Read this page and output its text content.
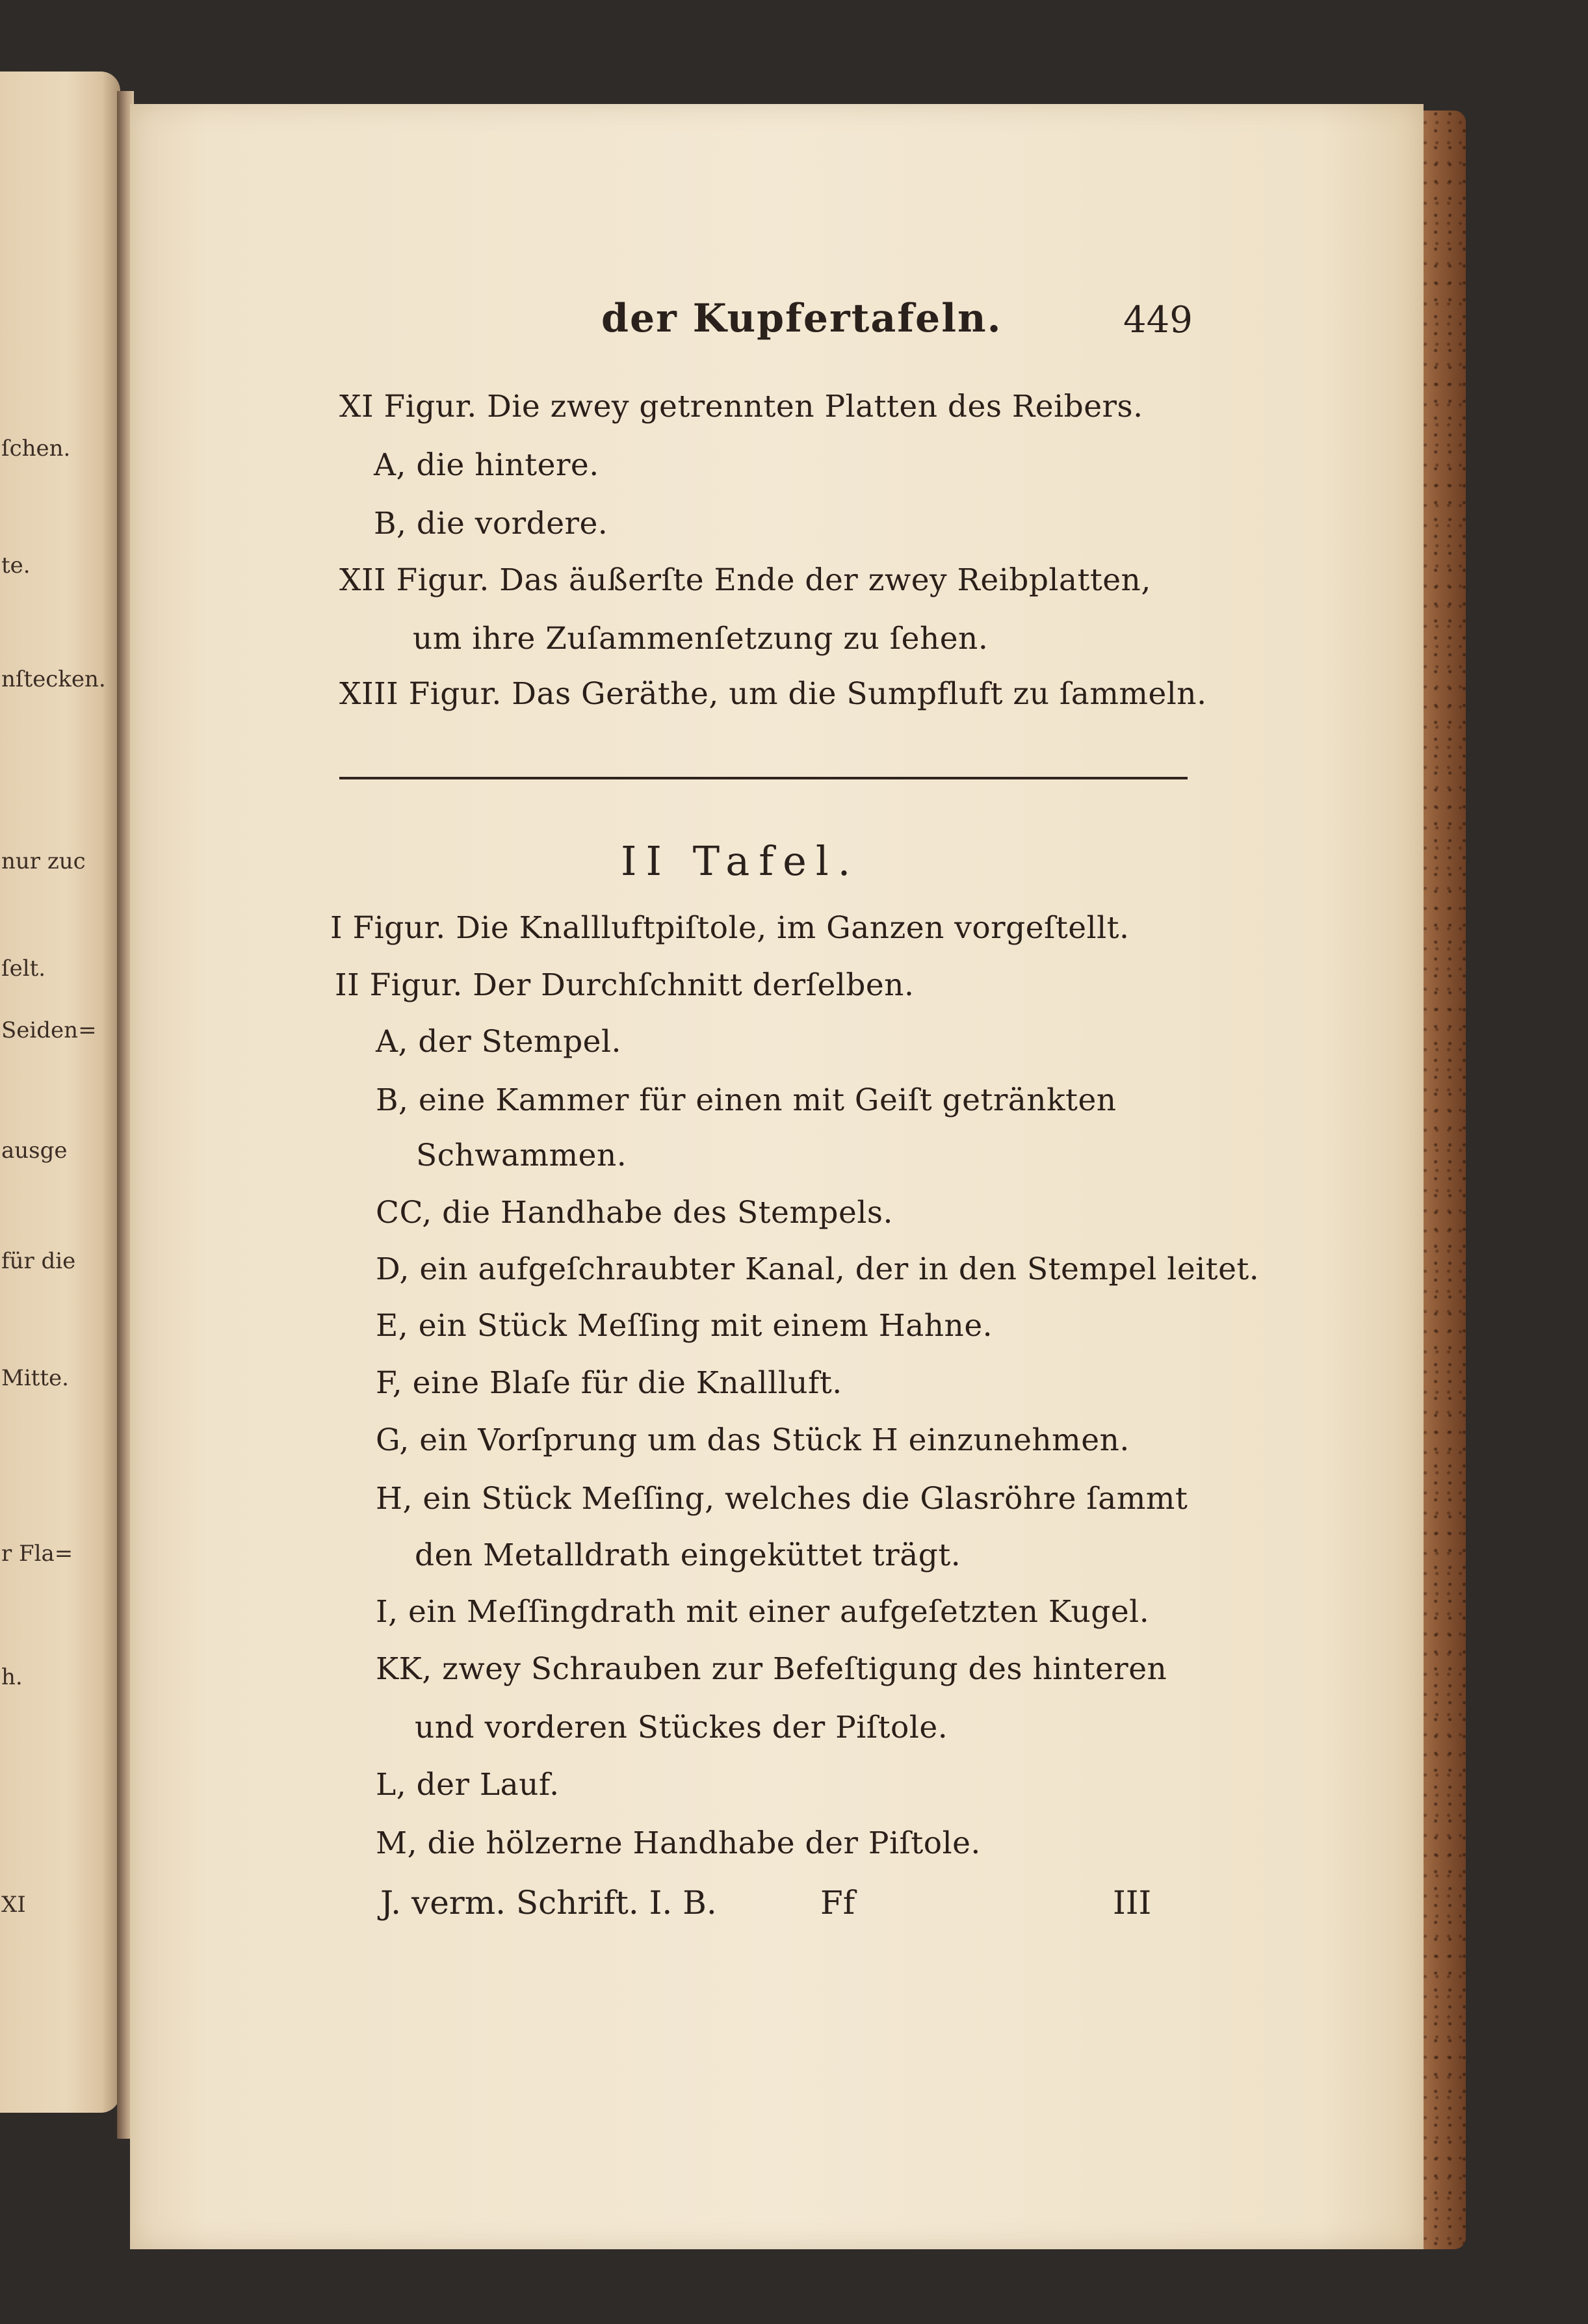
ſchen.
te.
nſtecken.
nur zuc
ſelt.
Seiden=
ausge
für die
Mitte.
r Fla=
h.
XI
der Kupfertafeln.	449
XI Figur. Die zwey getrennten Platten des Reibers.
A, die hintere.
B, die vordere.
XII Figur. Das äußerſte Ende der zwey Reibplatten,
um ihre Zuſammenſetzung zu ſehen.
XIII Figur. Das Geräthe, um die Sumpfluft zu ſammeln.
II Tafel.
I Figur. Die Knallluftpiſtole, im Ganzen vorgeſtellt.
II Figur. Der Durchſchnitt derſelben.
A, der Stempel.
B, eine Kammer für einen mit Geiſt getränkten
Schwammen.
CC, die Handhabe des Stempels.
D, ein aufgeſchraubter Kanal, der in den Stempel leitet.
E, ein Stück Meſſing mit einem Hahne.
F, eine Blaſe für die Knallluft.
G, ein Vorſprung um das Stück H einzunehmen.
H, ein Stück Meſſing, welches die Glasröhre ſammt
den Metalldrath eingeküttet trägt.
I, ein Meſſingdrath mit einer aufgeſetzten Kugel.
KK, zwey Schrauben zur Befeſtigung des hinteren
und vorderen Stückes der Piſtole.
L, der Lauf.
M, die hölzerne Handhabe der Piſtole.
J. verm. Schrift. I. B.	Ff	III
